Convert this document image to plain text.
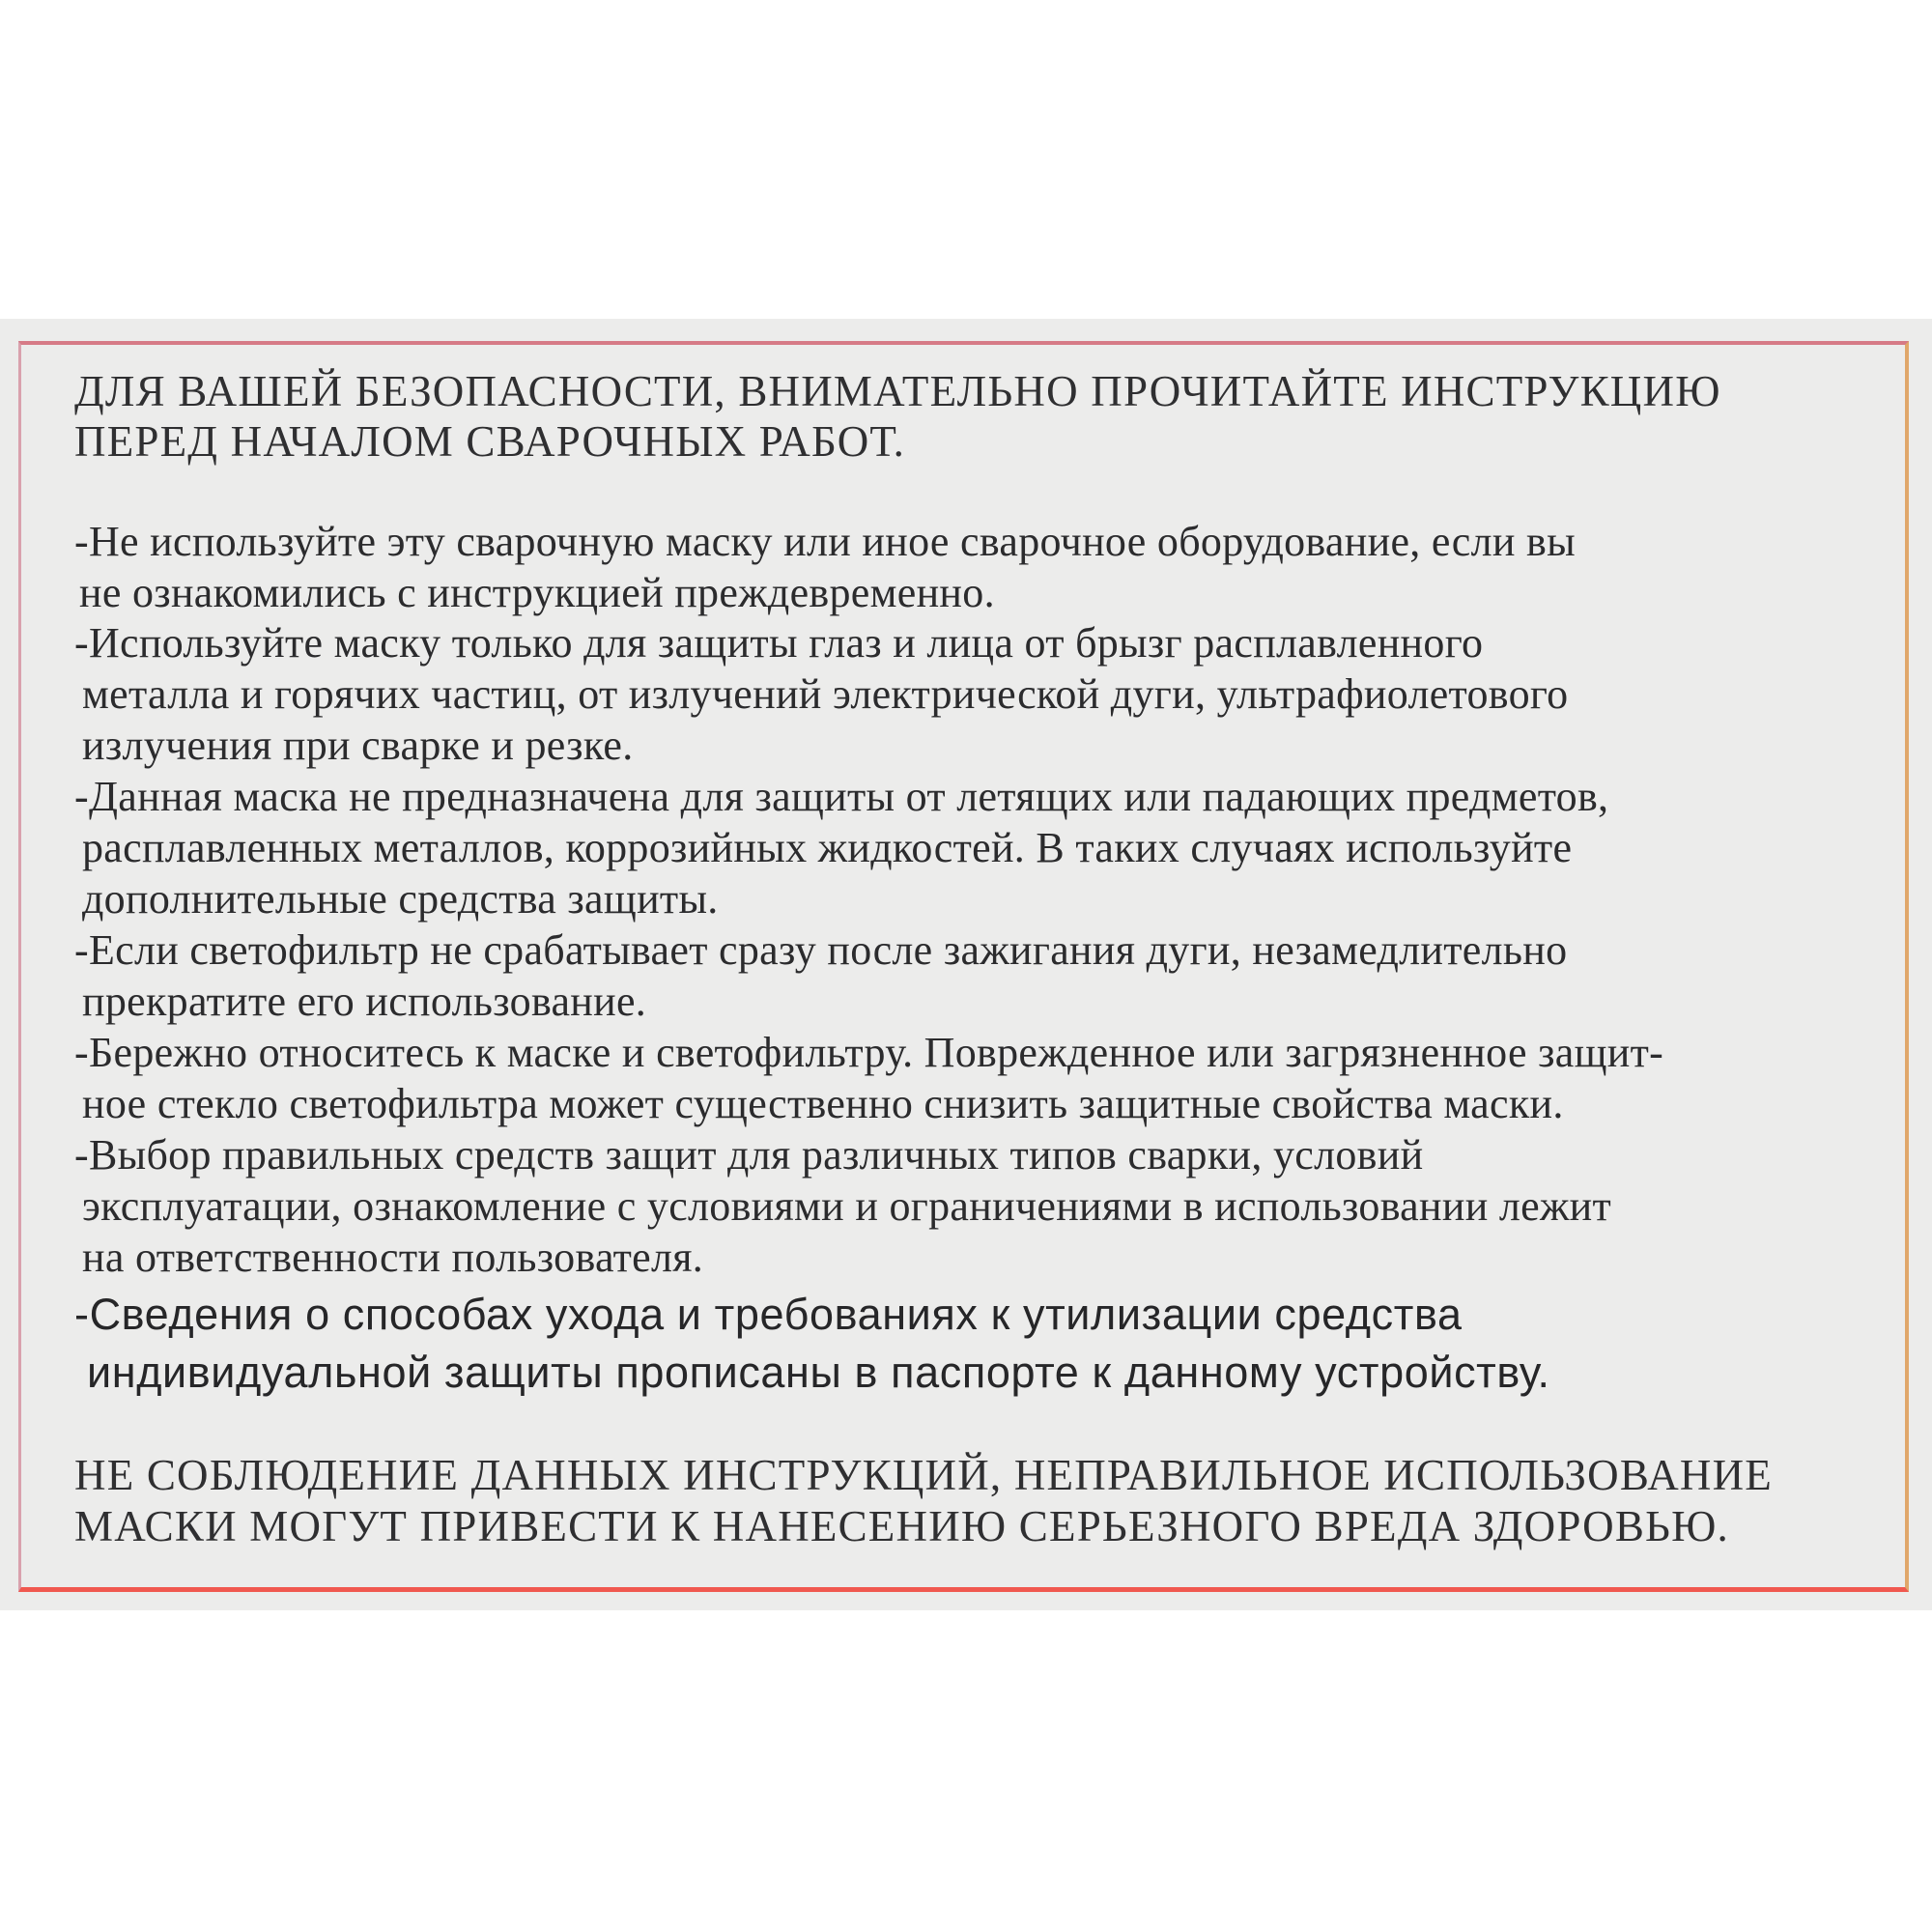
ДЛЯ ВАШЕЙ БЕЗОПАСНОСТИ, ВНИМАТЕЛЬНО ПРОЧИТАЙТЕ ИНСТРУКЦИЮ
ПЕРЕД НАЧАЛОМ СВАРОЧНЫХ РАБОТ.
-Не используйте эту сварочную маску или иное сварочное оборудование, если вы
не ознакомились с инструкцией преждевременно.
-Используйте маску только для защиты глаз и лица от брызг расплавленного
металла и горячих частиц, от излучений электрической дуги, ультрафиолетового
излучения при сварке и резке.
-Данная маска не предназначена для защиты от летящих или падающих предметов,
расплавленных металлов, коррозийных жидкостей. В таких случаях используйте
дополнительные средства защиты.
-Если светофильтр не срабатывает сразу после зажигания дуги, незамедлительно
прекратите его использование.
-Бережно относитесь к маске и светофильтру. Поврежденное или загрязненное защит-
ное стекло светофильтра может существенно снизить защитные свойства маски.
-Выбор правильных средств защит для различных типов сварки, условий
эксплуатации, ознакомление с условиями и ограничениями в использовании лежит
на ответственности пользователя.
-Сведения о способах ухода и требованиях к утилизации средства
индивидуальной защиты прописаны в паспорте к данному устройству.
НЕ СОБЛЮДЕНИЕ ДАННЫХ ИНСТРУКЦИЙ, НЕПРАВИЛЬНОЕ ИСПОЛЬЗОВАНИЕ
МАСКИ МОГУТ ПРИВЕСТИ К НАНЕСЕНИЮ СЕРЬЕЗНОГО ВРЕДА ЗДОРОВЬЮ.
